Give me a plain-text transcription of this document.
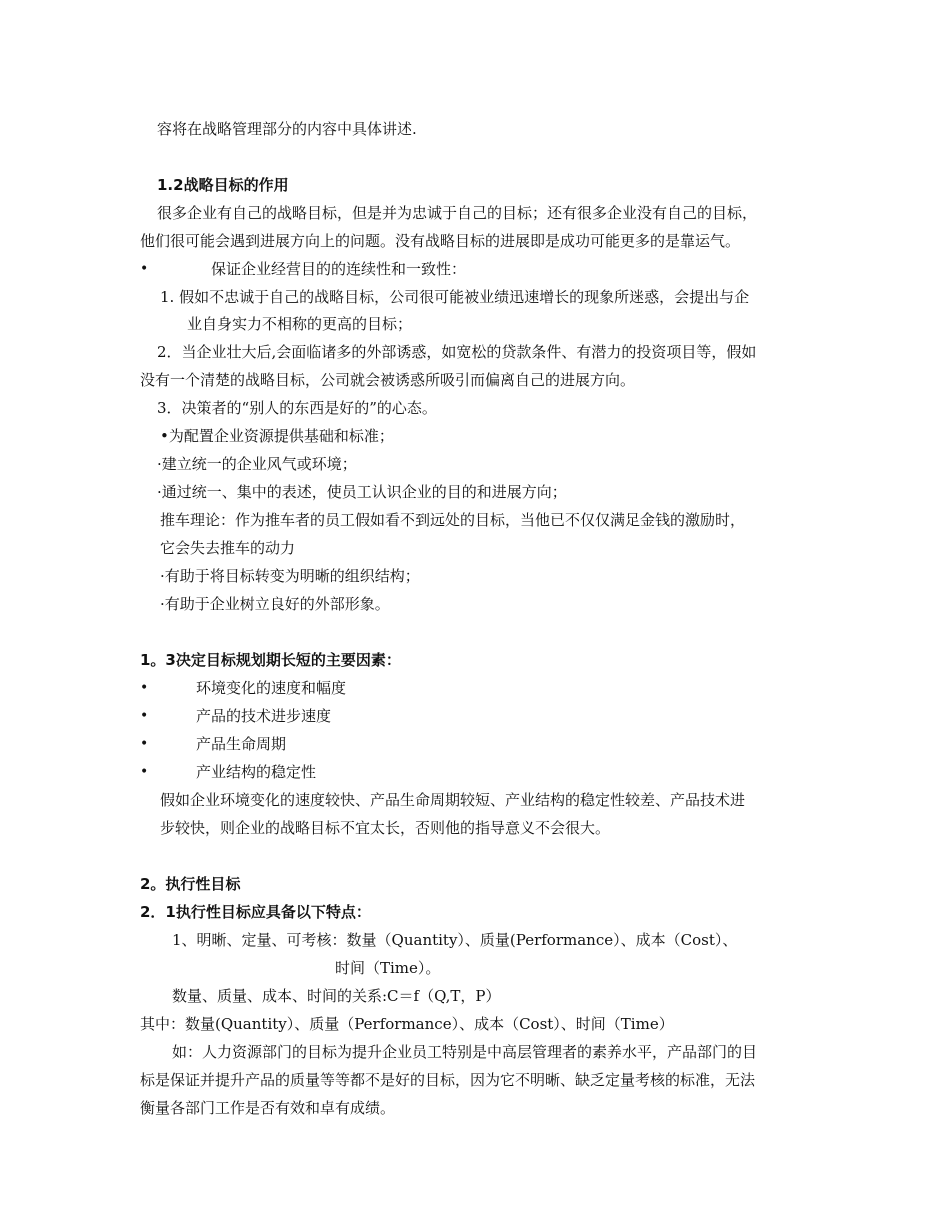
容将在战略管理部分的内容中具体讲述.
1.2战略目标的作用
很多企业有自己的战略目标，但是并为忠诚于自己的目标；还有很多企业没有自己的目标，
他们很可能会遇到进展方向上的问题。没有战略目标的进展即是成功可能更多的是靠运气。
•	保证企业经营目的的连续性和一致性：
1. 假如不忠诚于自己的战略目标，公司很可能被业绩迅速增长的现象所迷惑，会提出与企
业自身实力不相称的更高的目标；
2．当企业壮大后,会面临诸多的外部诱惑，如宽松的贷款条件、有潜力的投资项目等，假如
没有一个清楚的战略目标，公司就会被诱惑所吸引而偏离自己的进展方向。
3．决策者的“别人的东西是好的”的心态。
•为配置企业资源提供基础和标准；
·建立统一的企业风气或环境；
·通过统一、集中的表述，使员工认识企业的目的和进展方向；
推车理论：作为推车者的员工假如看不到远处的目标，当他已不仅仅满足金钱的激励时，
它会失去推车的动力
·有助于将目标转变为明晰的组织结构；
·有助于企业树立良好的外部形象。
1。3决定目标规划期长短的主要因素：
•	环境变化的速度和幅度
•	产品的技术进步速度
•	产品生命周期
•	产业结构的稳定性
假如企业环境变化的速度较快、产品生命周期较短、产业结构的稳定性较差、产品技术进
步较快，则企业的战略目标不宜太长，否则他的指导意义不会很大。
2。执行性目标
2．1执行性目标应具备以下特点：
1、明晰、定量、可考核：数量（Quantity）、质量(Performance）、成本（Cost）、
时间（Time）。
数量、质量、成本、时间的关系:C＝f（Q,T，P）
其中：数量(Quantity）、质量（Performance）、成本（Cost）、时间（Time）
如：人力资源部门的目标为提升企业员工特别是中高层管理者的素养水平，产品部门的目
标是保证并提升产品的质量等等都不是好的目标，因为它不明晰、缺乏定量考核的标准，无法
衡量各部门工作是否有效和卓有成绩。
